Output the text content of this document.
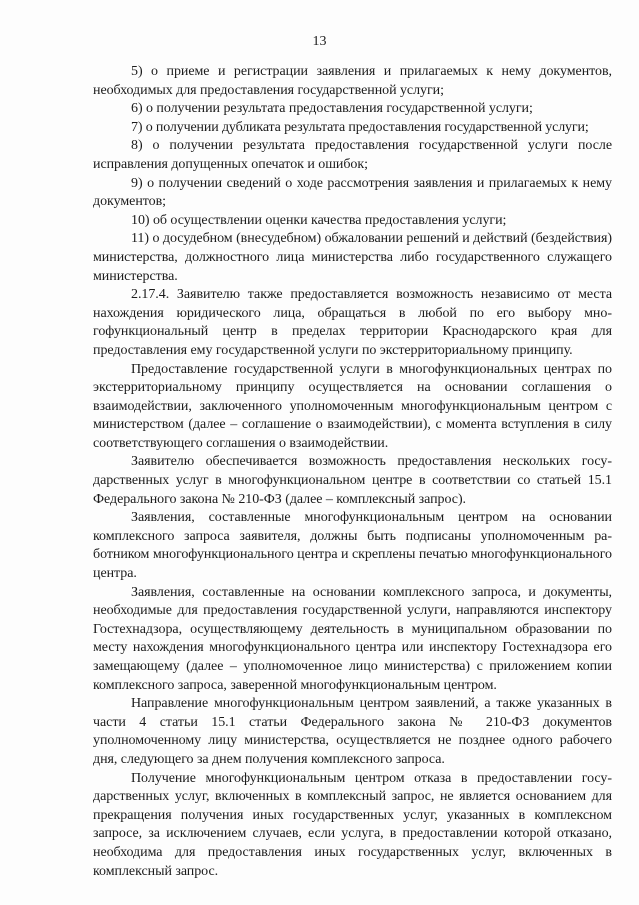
13

5) о приеме и регистрации заявления и прилагаемых к нему документов, необходимых для предоставления государственной услуги;

6) о получении результата предоставления государственной услуги;

7) о получении дубликата результата предоставления государственной услуги;

8) о получении результата предоставления государственной услуги после исправления допущенных опечаток и ошибок;

9) о получении сведений о ходе рассмотрения заявления и прилагаемых к нему документов;

10) об осуществлении оценки качества предоставления услуги;

11) о досудебном (внесудебном) обжаловании решений и действий (бездействия) министерства, должностного лица министерства либо государственного служащего министерства.

2.17.4. Заявителю также предоставляется возможность независимо от места нахождения юридического лица, обращаться в любой по его выбору многофункциональный центр в пределах территории Краснодарского края для предоставления ему государственной услуги по экстерриториальному принципу.

Предоставление государственной услуги в многофункциональных центрах по экстерриториальному принципу осуществляется на основании соглашения о взаимодействии, заключенного уполномоченным многофункциональным центром с министерством (далее – соглашение о взаимодействии), с момента вступления в силу соответствующего соглашения о взаимодействии.

Заявителю обеспечивается возможность предоставления нескольких государственных услуг в многофункциональном центре в соответствии со статьей 15.1 Федерального закона № 210-ФЗ (далее – комплексный запрос).

Заявления, составленные многофункциональным центром на основании комплексного запроса заявителя, должны быть подписаны уполномоченным работником многофункционального центра и скреплены печатью многофункционального центра.

Заявления, составленные на основании комплексного запроса, и документы, необходимые для предоставления государственной услуги, направляются инспектору Гостехнадзора, осуществляющему деятельность в муниципальном образовании по месту нахождения многофункционального центра или инспектору Гостехнадзора его замещающему (далее – уполномоченное лицо министерства) с приложением копии комплексного запроса, заверенной многофункциональным центром.

Направление многофункциональным центром заявлений, а также указанных в части 4 статьи 15.1 статьи Федерального закона № 210-ФЗ документов уполномоченному лицу министерства, осуществляется не позднее одного рабочего дня, следующего за днем получения комплексного запроса.

Получение многофункциональным центром отказа в предоставлении государственных услуг, включенных в комплексный запрос, не является основанием для прекращения получения иных государственных услуг, указанных в комплексном запросе, за исключением случаев, если услуга, в предоставлении которой отказано, необходима для предоставления иных государственных услуг, включенных в комплексный запрос.
